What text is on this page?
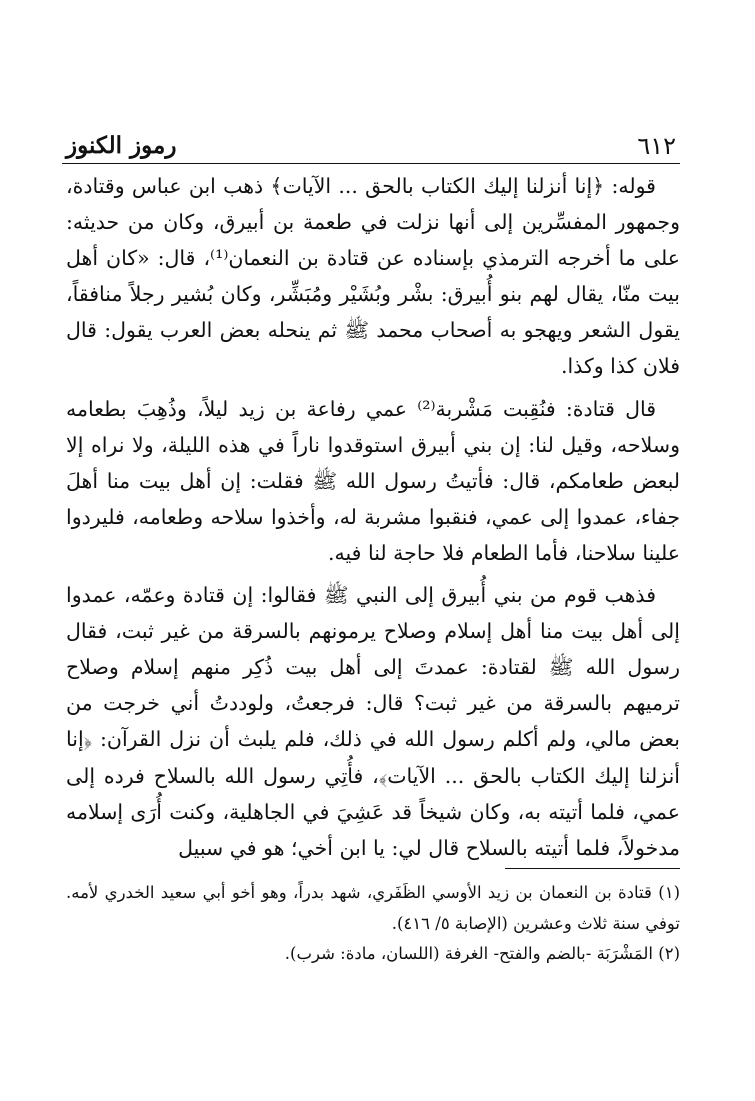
٦١٢
رموز الكنوز

قوله: ﴿إنا أنزلنا إليك الكتاب بالحق ... الآيات﴾ ذهب ابن عباس وقتادة، وجمهور المفسِّرين إلى أنها نزلت في طعمة بن أبيرق، وكان من حديثه: على ما أخرجه الترمذي بإسناده عن قتادة بن النعمان⁽¹⁾، قال: «كان أهل بيت منّا، يقال لهم بنو أُبيرق: بشْر وبُشَيْر ومُبَشِّر، وكان بُشير رجلاً منافقاً، يقول الشعر ويهجو به أصحاب محمد ﷺ ثم ينحله بعض العرب يقول: قال فلان كذا وكذا.

قال قتادة: فنُقِبت مَشْربة⁽²⁾ عمي رفاعة بن زيد ليلاً، وذُهِبَ بطعامه وسلاحه، وقيل لنا: إن بني أبيرق استوقدوا ناراً في هذه الليلة، ولا نراه إلا لبعض طعامكم، قال: فأتيتُ رسول الله ﷺ فقلت: إن أهل بيت منا أهلَ جفاء، عمدوا إلى عمي، فنقبوا مشربة له، وأخذوا سلاحه وطعامه، فليردوا علينا سلاحنا، فأما الطعام فلا حاجة لنا فيه.

فذهب قوم من بني أُبيرق إلى النبي ﷺ فقالوا: إن قتادة وعمّه، عمدوا إلى أهل بيت منا أهل إسلام وصلاح يرمونهم بالسرقة من غير ثبت، فقال رسول الله ﷺ لقتادة: عمدتَ إلى أهل بيت ذُكِر منهم إسلام وصلاح ترميهم بالسرقة من غير ثبت؟ قال: فرجعتُ، ولوددتُ أني خرجت من بعض مالي، ولم أكلم رسول الله في ذلك، فلم يلبث أن نزل القرآن: ﴿إنا أنزلنا إليك الكتاب بالحق ... الآيات﴾، فأُتِي رسول الله بالسلاح فرده إلى عمي، فلما أتيته به، وكان شيخاً قد عَشِيَ في الجاهلية، وكنت أُرَى إسلامه مدخولاً، فلما أتيته بالسلاح قال لي: يا ابن أخي؛ هو في سبيل

(١) قتادة بن النعمان بن زيد الأوسي الظَفَري، شهد بدراً، وهو أخو أبي سعيد الخدري لأمه. توفي سنة ثلاث وعشرين (الإصابة ٥/ ٤١٦).

(٢) المَشْرَبَة -بالضم والفتح- الغرفة (اللسان، مادة: شرب).
